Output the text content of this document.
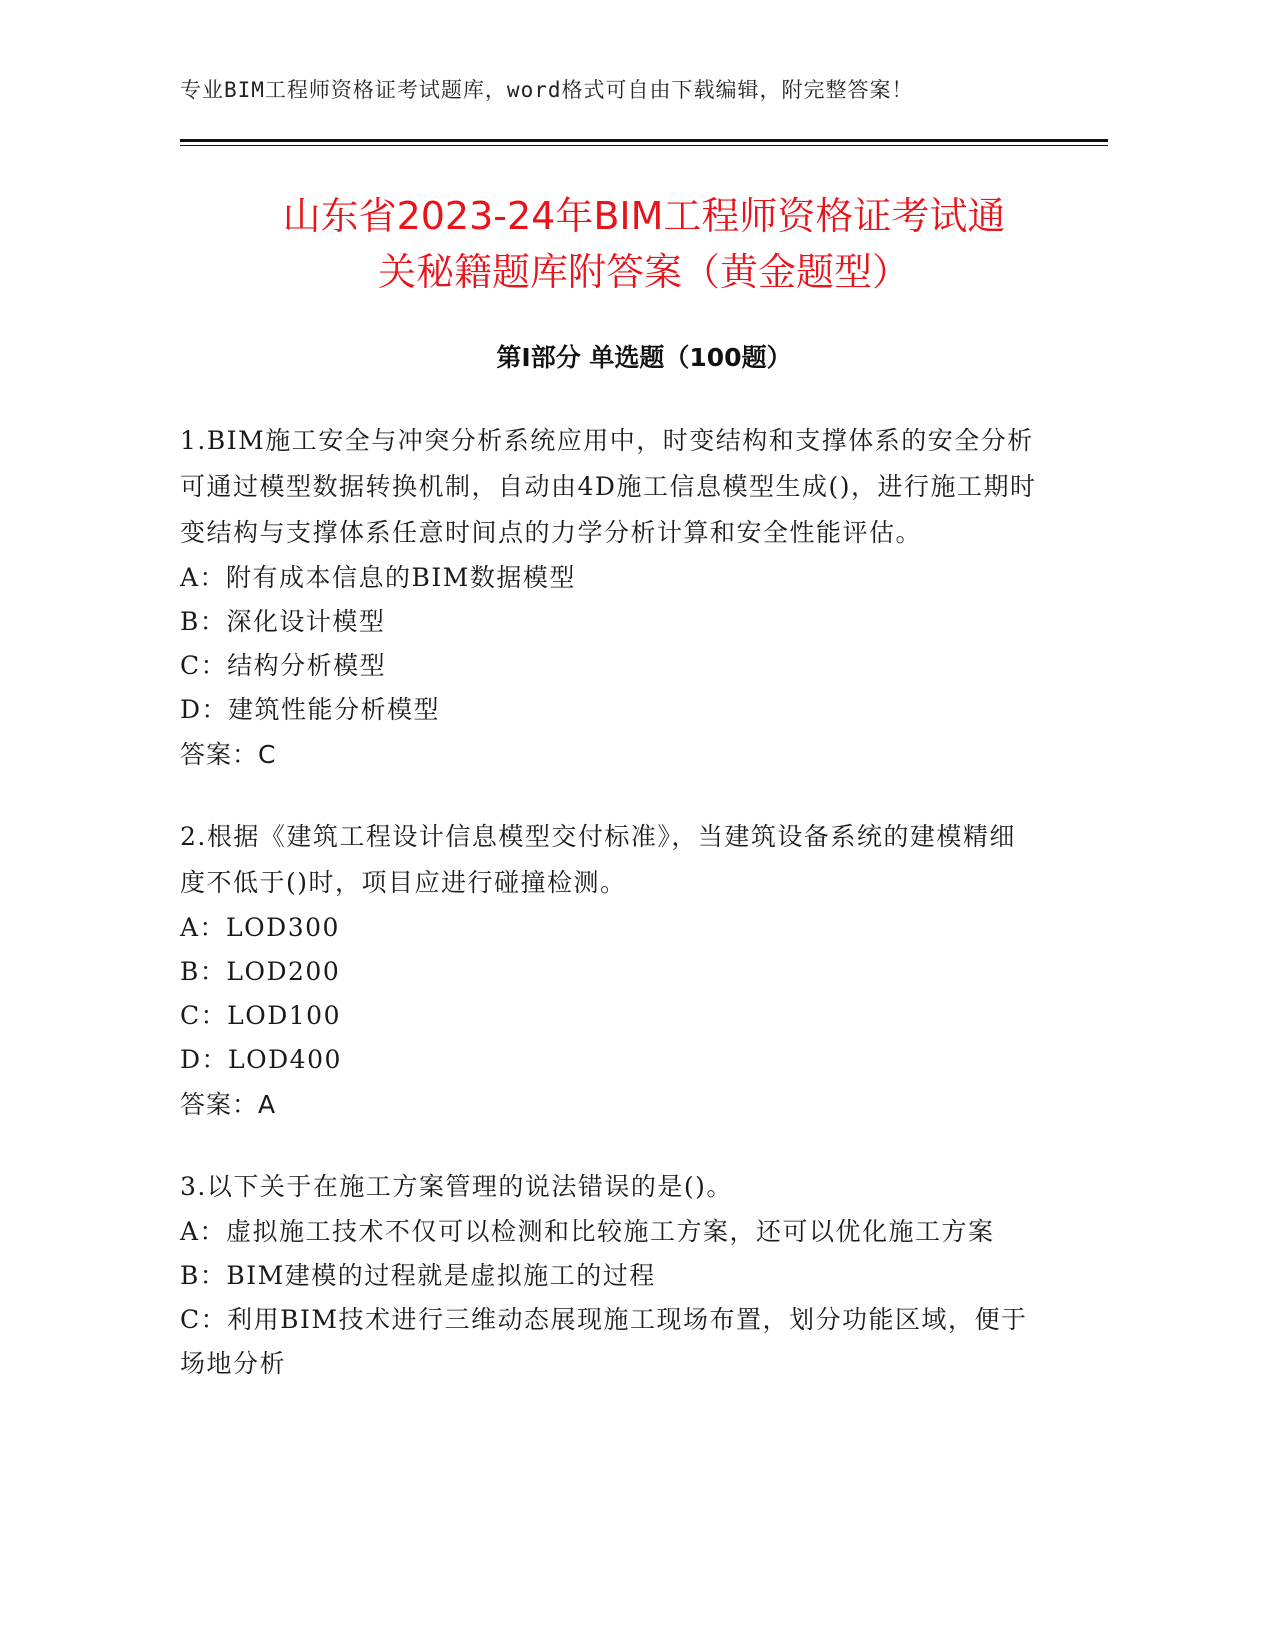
专业BIM工程师资格证考试题库，word格式可自由下载编辑，附完整答案！
山东省2023-24年BIM工程师资格证考试通
关秘籍题库附答案（黄金题型）
第Ⅰ部分 单选题（100题）

1.BIM施工安全与冲突分析系统应用中，时变结构和支撑体系的安全分析可通过模型数据转换机制，自动由4D施工信息模型生成()，进行施工期时变结构与支撑体系任意时间点的力学分析计算和安全性能评估。

A：附有成本信息的BIM数据模型

B：深化设计模型

C：结构分析模型

D：建筑性能分析模型

答案：C

2.根据《建筑工程设计信息模型交付标准》，当建筑设备系统的建模精细度不低于()时，项目应进行碰撞检测。

A：LOD300

B：LOD200

C：LOD100

D：LOD400

答案：A

3.以下关于在施工方案管理的说法错误的是()。

A：虚拟施工技术不仅可以检测和比较施工方案，还可以优化施工方案

B：BIM建模的过程就是虚拟施工的过程

C：利用BIM技术进行三维动态展现施工现场布置，划分功能区域，便于场地分析
